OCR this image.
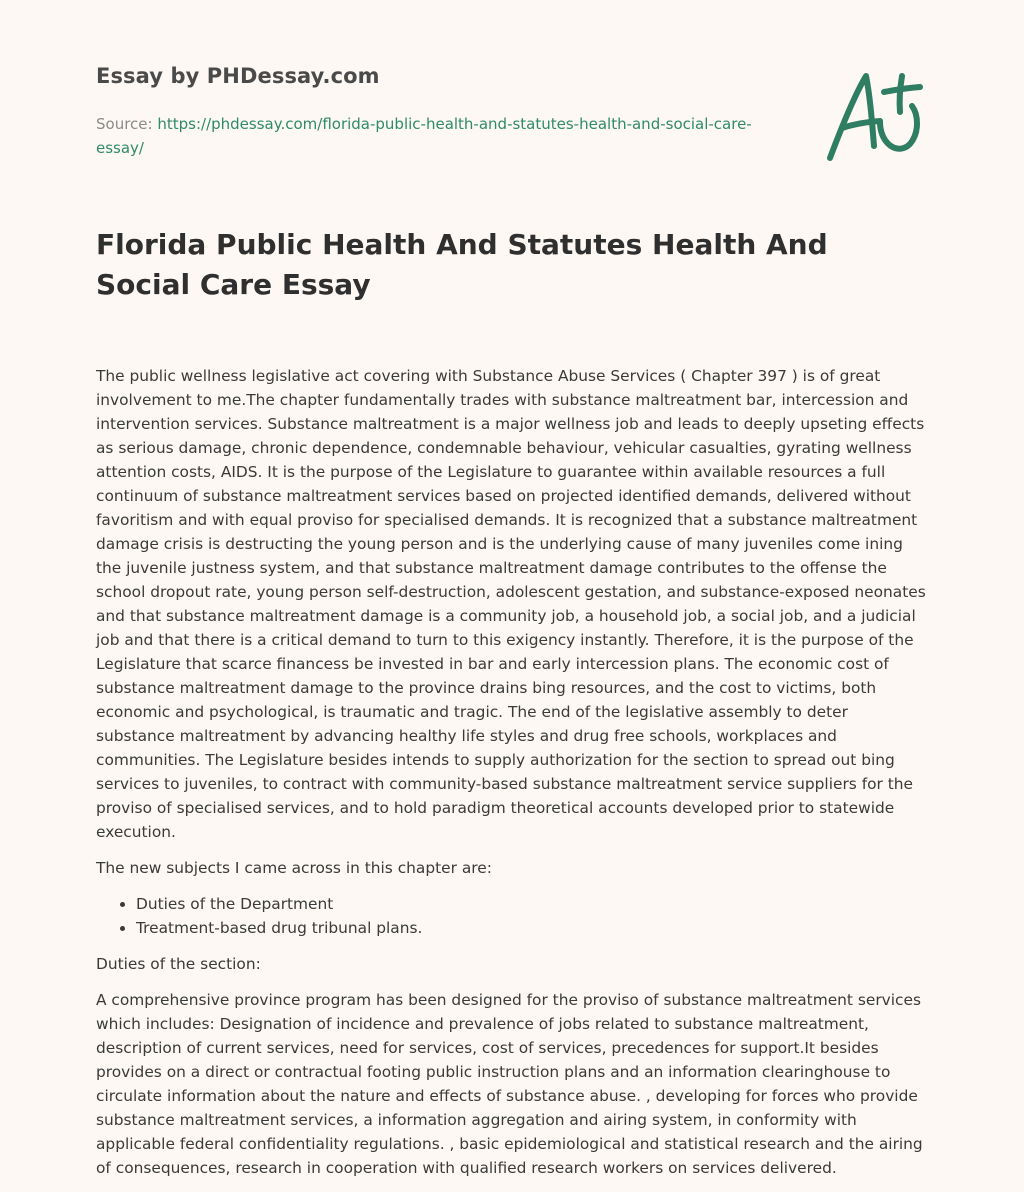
Essay by PHDessay.com
Source: https://phdessay.com/florida-public-health-and-statutes-health-and-social-care-essay/
Florida Public Health And Statutes Health And Social Care Essay

The public wellness legislative act covering with Substance Abuse Services ( Chapter 397 ) is of great involvement to me.The chapter fundamentally trades with substance maltreatment bar, intercession and intervention services. Substance maltreatment is a major wellness job and leads to deeply upseting effects as serious damage, chronic dependence, condemnable behaviour, vehicular casualties, gyrating wellness attention costs, AIDS. It is the purpose of the Legislature to guarantee within available resources a full continuum of substance maltreatment services based on projected identified demands, delivered without favoritism and with equal proviso for specialised demands. It is recognized that a substance maltreatment damage crisis is destructing the young person and is the underlying cause of many juveniles come ining the juvenile justness system, and that substance maltreatment damage contributes to the offense the school dropout rate, young person self-destruction, adolescent gestation, and substance-exposed neonates and that substance maltreatment damage is a community job, a household job, a social job, and a judicial job and that there is a critical demand to turn to this exigency instantly. Therefore, it is the purpose of the Legislature that scarce financess be invested in bar and early intercession plans. The economic cost of substance maltreatment damage to the province drains bing resources, and the cost to victims, both economic and psychological, is traumatic and tragic. The end of the legislative assembly to deter substance maltreatment by advancing healthy life styles and drug free schools, workplaces and communities. The Legislature besides intends to supply authorization for the section to spread out bing services to juveniles, to contract with community-based substance maltreatment service suppliers for the proviso of specialised services, and to hold paradigm theoretical accounts developed prior to statewide execution.

The new subjects I came across in this chapter are:

• Duties of the Department
• Treatment-based drug tribunal plans.

Duties of the section:

A comprehensive province program has been designed for the proviso of substance maltreatment services which includes: Designation of incidence and prevalence of jobs related to substance maltreatment, description of current services, need for services, cost of services, precedences for support.It besides provides on a direct or contractual footing public instruction plans and an information clearinghouse to circulate information about the nature and effects of substance abuse. , developing for forces who provide substance maltreatment services, a information aggregation and airing system, in conformity with applicable federal confidentiality regulations. , basic epidemiological and statistical research and the airing of consequences, research in cooperation with qualified research workers on services delivered.
